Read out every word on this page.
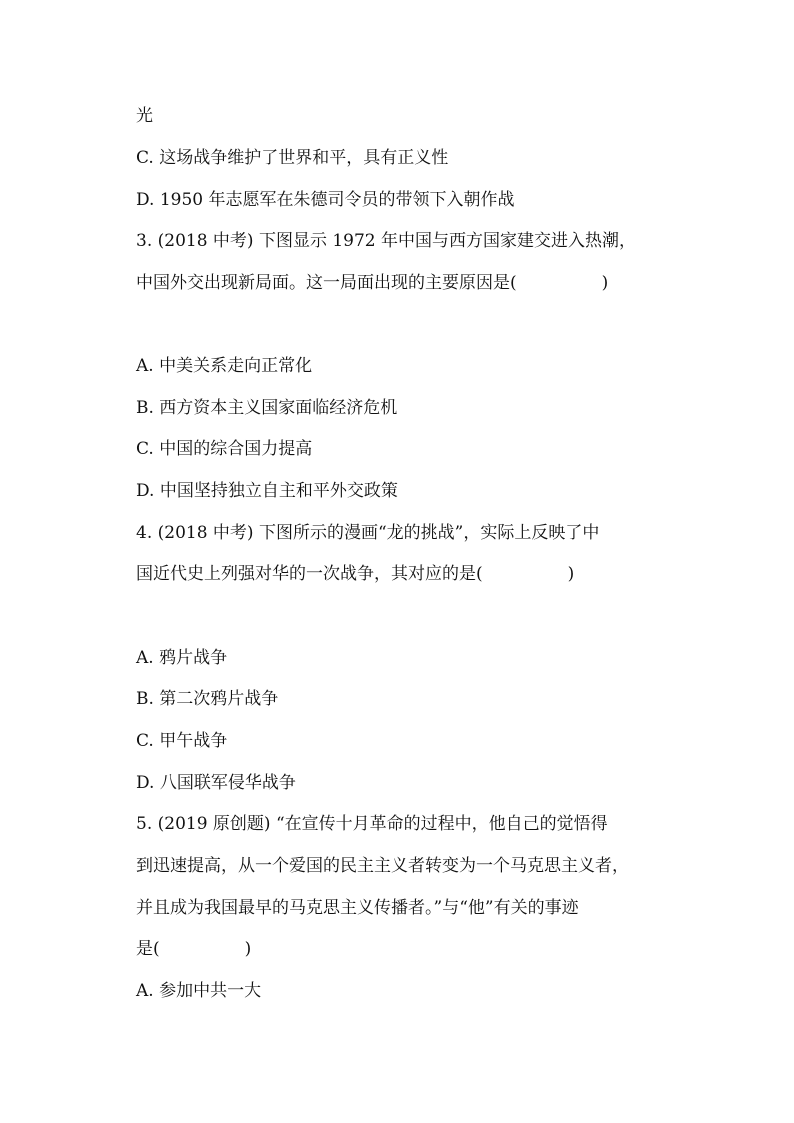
光
C. 这场战争维护了世界和平，具有正义性
D. 1950 年志愿军在朱德司令员的带领下入朝作战
3. (2018 中考) 下图显示 1972 年中国与西方国家建交进入热潮，
中国外交出现新局面。这一局面出现的主要原因是(　　　　　)
A. 中美关系走向正常化
B. 西方资本主义国家面临经济危机
C. 中国的综合国力提高
D. 中国坚持独立自主和平外交政策
4. (2018 中考) 下图所示的漫画“龙的挑战”，实际上反映了中
国近代史上列强对华的一次战争，其对应的是(　　　　　)
A. 鸦片战争
B. 第二次鸦片战争
C. 甲午战争
D. 八国联军侵华战争
5. (2019 原创题) “在宣传十月革命的过程中，他自己的觉悟得
到迅速提高，从一个爱国的民主主义者转变为一个马克思主义者，
并且成为我国最早的马克思主义传播者。”与“他”有关的事迹
是(　　　　　)
A. 参加中共一大
